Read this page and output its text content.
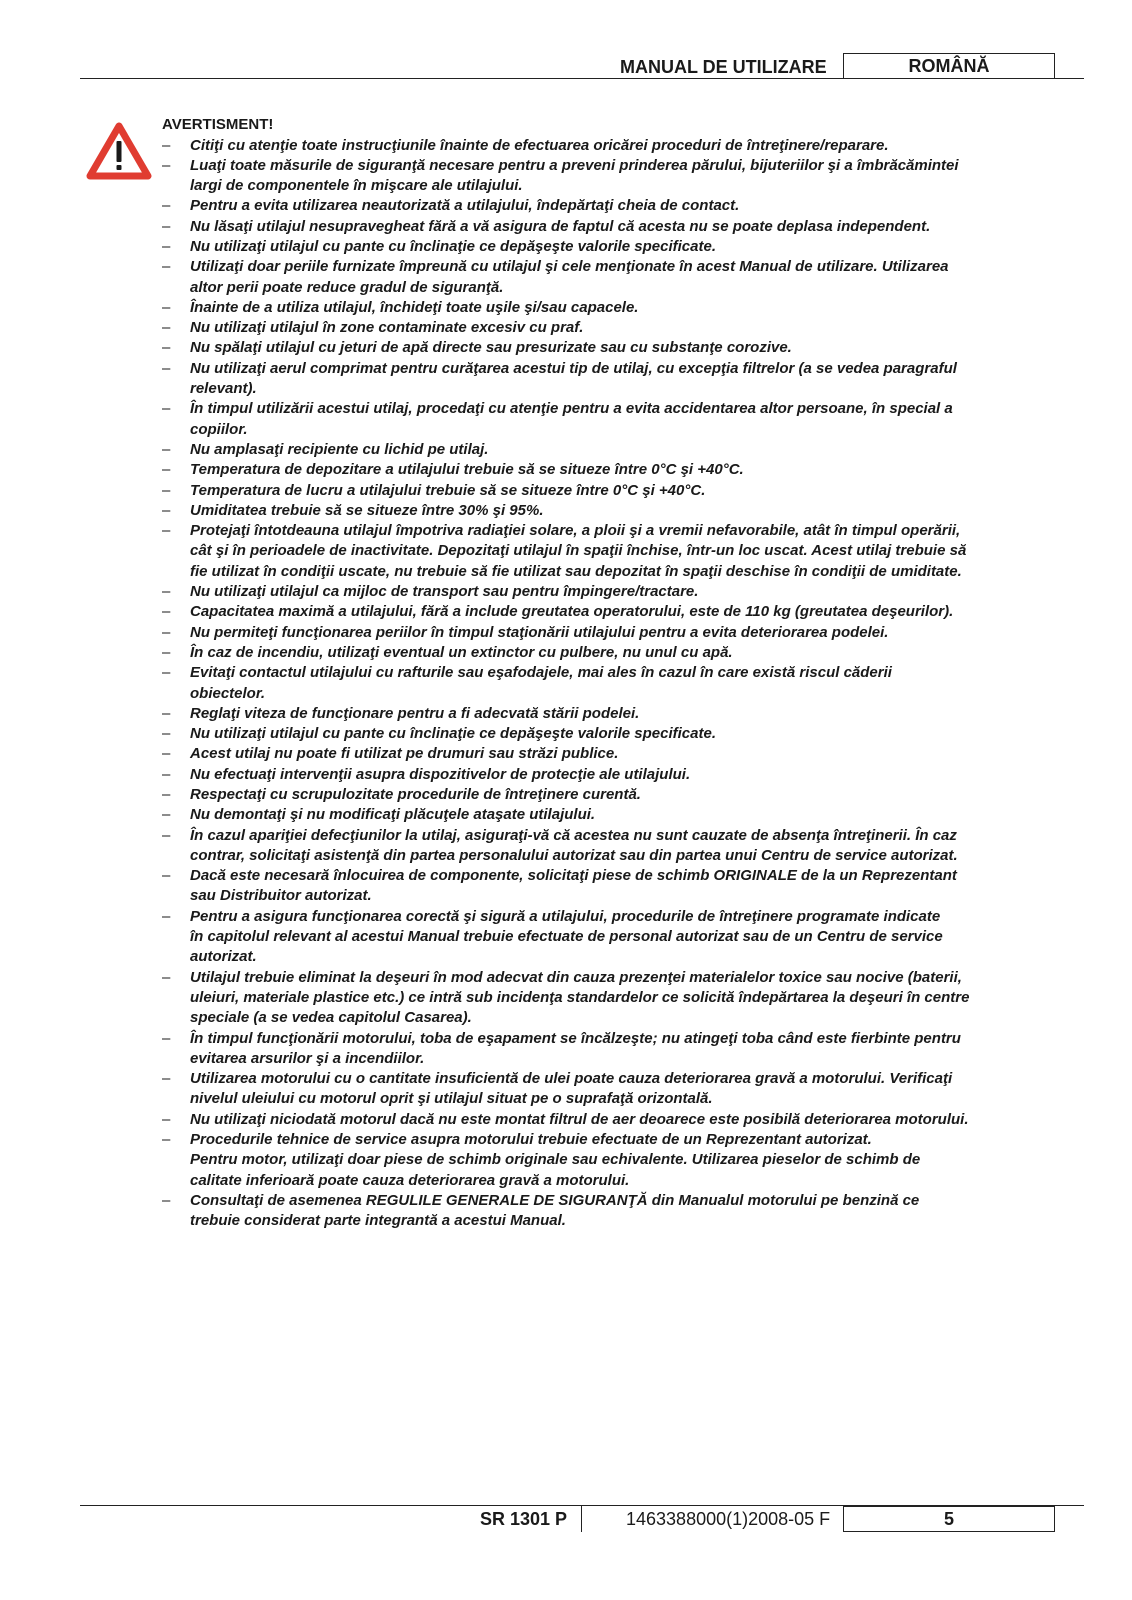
MANUAL DE UTILIZARE	ROMÂNĂ
AVERTISMENT!
– Citiţi cu atenţie toate instrucţiunile înainte de efectuarea oricărei proceduri de întreţinere/reparare.
– Luaţi toate măsurile de siguranţă necesare pentru a preveni prinderea părului, bijuteriilor şi a îmbrăcămintei
largi de componentele în mişcare ale utilajului.
– Pentru a evita utilizarea neautorizată a utilajului, îndepărtaţi cheia de contact.
– Nu lăsaţi utilajul nesupravegheat fără a vă asigura de faptul că acesta nu se poate deplasa independent.
– Nu utilizaţi utilajul cu pante cu înclinaţie ce depăşeşte valorile specificate.
– Utilizaţi doar periile furnizate împreună cu utilajul şi cele menţionate în acest Manual de utilizare. Utilizarea
altor perii poate reduce gradul de siguranţă.
– Înainte de a utiliza utilajul, închideţi toate uşile şi/sau capacele.
– Nu utilizaţi utilajul în zone contaminate excesiv cu praf.
– Nu spălaţi utilajul cu jeturi de apă directe sau presurizate sau cu substanţe corozive.
– Nu utilizaţi aerul comprimat pentru curăţarea acestui tip de utilaj, cu excepţia filtrelor (a se vedea paragraful
relevant).
– În timpul utilizării acestui utilaj, procedaţi cu atenţie pentru a evita accidentarea altor persoane, în special a
copiilor.
– Nu amplasaţi recipiente cu lichid pe utilaj.
– Temperatura de depozitare a utilajului trebuie să se situeze între 0°C şi +40°C.
– Temperatura de lucru a utilajului trebuie să se situeze între 0°C şi +40°C.
– Umiditatea trebuie să se situeze între 30% şi 95%.
– Protejaţi întotdeauna utilajul împotriva radiaţiei solare, a ploii şi a vremii nefavorabile, atât în timpul operării,
cât şi în perioadele de inactivitate. Depozitaţi utilajul în spaţii închise, într-un loc uscat. Acest utilaj trebuie să
fie utilizat în condiţii uscate, nu trebuie să fie utilizat sau depozitat în spaţii deschise în condiţii de umiditate.
– Nu utilizaţi utilajul ca mijloc de transport sau pentru împingere/tractare.
– Capacitatea maximă a utilajului, fără a include greutatea operatorului, este de 110 kg (greutatea deşeurilor).
– Nu permiteţi funcţionarea periilor în timpul staţionării utilajului pentru a evita deteriorarea podelei.
– În caz de incendiu, utilizaţi eventual un extinctor cu pulbere, nu unul cu apă.
– Evitaţi contactul utilajului cu rafturile sau eşafodajele, mai ales în cazul în care există riscul căderii
obiectelor.
– Reglaţi viteza de funcţionare pentru a fi adecvată stării podelei.
– Nu utilizaţi utilajul cu pante cu înclinaţie ce depăşeşte valorile specificate.
– Acest utilaj nu poate fi utilizat pe drumuri sau străzi publice.
– Nu efectuaţi intervenţii asupra dispozitivelor de protecţie ale utilajului.
– Respectaţi cu scrupulozitate procedurile de întreţinere curentă.
– Nu demontaţi şi nu modificaţi plăcuţele ataşate utilajului.
– În cazul apariţiei defecţiunilor la utilaj, asiguraţi-vă că acestea nu sunt cauzate de absenţa întreţinerii. În caz
contrar, solicitaţi asistenţă din partea personalului autorizat sau din partea unui Centru de service autorizat.
– Dacă este necesară înlocuirea de componente, solicitaţi piese de schimb ORIGINALE de la un Reprezentant
sau Distribuitor autorizat.
– Pentru a asigura funcţionarea corectă şi sigură a utilajului, procedurile de întreţinere programate indicate
în capitolul relevant al acestui Manual trebuie efectuate de personal autorizat sau de un Centru de service
autorizat.
– Utilajul trebuie eliminat la deşeuri în mod adecvat din cauza prezenţei materialelor toxice sau nocive (baterii,
uleiuri, materiale plastice etc.) ce intră sub incidenţa standardelor ce solicită îndepărtarea la deşeuri în centre
speciale (a se vedea capitolul Casarea).
– În timpul funcţionării motorului, toba de eşapament se încălzeşte; nu atingeţi toba când este fierbinte pentru
evitarea arsurilor şi a incendiilor.
– Utilizarea motorului cu o cantitate insuficientă de ulei poate cauza deteriorarea gravă a motorului. Verificaţi
nivelul uleiului cu motorul oprit şi utilajul situat pe o suprafaţă orizontală.
– Nu utilizaţi niciodată motorul dacă nu este montat filtrul de aer deoarece este posibilă deteriorarea motorului.
– Procedurile tehnice de service asupra motorului trebuie efectuate de un Reprezentant autorizat.
Pentru motor, utilizaţi doar piese de schimb originale sau echivalente. Utilizarea pieselor de schimb de
calitate inferioară poate cauza deteriorarea gravă a motorului.
– Consultaţi de asemenea REGULILE GENERALE DE SIGURANŢĂ din Manualul motorului pe benzină ce
trebuie considerat parte integrantă a acestui Manual.
SR 1301 P	1463388000(1)2008-05 F	5
